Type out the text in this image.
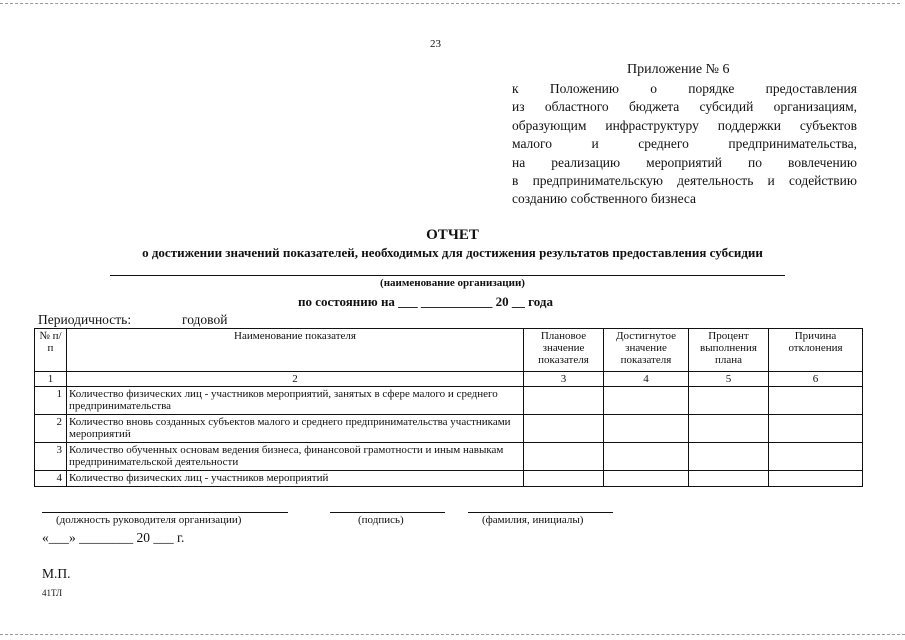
23
Приложение № 6
к Положению о порядке предоставления
из областного бюджета субсидий организациям,
образующим инфраструктуру поддержки субъектов
малого и среднего предпринимательства,
на реализацию мероприятий по вовлечению
в предпринимательскую деятельность и содействию
созданию собственного бизнеса
ОТЧЕТ
о достижении значений показателей, необходимых для достижения результатов предоставления субсидии
(наименование организации)
по состоянию на ___ ___________ 20 __ года
Периодичность:	годовой
№ п/п	Наименование показателя	Плановое значение показателя	Достигнутое значение показателя	Процент выполнения плана	Причина отклонения
1	2	3	4	5	6
1	Количество физических лиц - участников мероприятий, занятых в сфере малого и среднего предпринимательства				
2	Количество вновь созданных субъектов малого и среднего предпринимательства участниками мероприятий				
3	Количество обученных основам ведения бизнеса, финансовой грамотности и иным навыкам предпринимательской деятельности				
4	Количество физических лиц - участников мероприятий				
(должность руководителя организации)	(подпись)	(фамилия, инициалы)
«___» ________ 20 ___ г.
М.П.
41ТЛ
